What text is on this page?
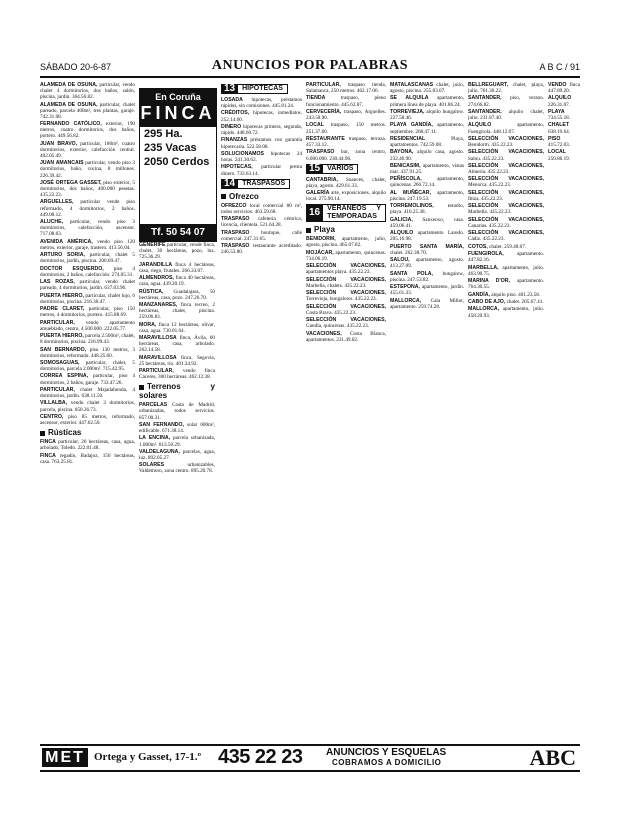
SÁBADO 20-6-87	ANUNCIOS POR PALABRAS	A B C / 91

ALAMEDA DE OSUNA, particular, vendo chalet 4 dormitorios, dos baños, salón, piscina, jardín. 364.56.82.

ALAMEDA DE OSUNA, particular, chalet pareado, parcela 400m², tres plantas, garaje. 742.31.08.

FERNANDO CATÓLICO, exterior, 190 metros, cuatro dormitorios, dos baños, portero. 449.56.82.

JUAN BRAVO, particular, 180m², cuatro dormitorios, exterior, calefacción central. 402.05.49.

JUAN AMANCAIS particular, vendo piso 3 dormitorios, baño, cocina, 8 millones. 226.39.42.

JOSÉ ORTEGA GASSET, piso exterior, 5 dormitorios, dos baños, 400.000 pesetas. 435.22.23.

ARGUELLES, particular vende piso reformado, 4 dormitorios, 2 baños. 449.08.12.

ALUCHE, particular, vendo piso 3 dormitorios, calefacción, ascensor. 717.08.63.

AVENIDA AMÉRICA, vendo piso 120 metros, exterior, garaje, trastero. 413.56.04.

ARTURO SORIA, particular, chalet 5 dormitorios, jardín, piscina. 200.69.47.

DOCTOR ESQUERDO, piso 4 dormitorios, 2 baños, calefacción. 274.05.31.

LAS ROZAS, particular, vendo chalet pareado, 4 dormitorios, jardín. 637.03.96.

PUERTA HIERRO, particular, chalet lujo, 6 dormitorios, piscina. 216.30.47.

PADRE CLARET, particular, piso 150 metros, 4 dormitorios, portero. 415.88.69.

PARTICULAR, vendo apartamento amueblado, centro, 4.500.000. 222.05.77.

PUERTA HIERRO, parcela 2.500m², chalet, 8 dormitorios, piscina. 216.99.43.

SAN BERNARDO, piso 130 metros, 3 dormitorios, reformado. 448.25.60.

SOMOSAGUAS, particular, chalet, 5 dormitorios, parcela 2.000m². 715.42.95.

CORREA ESPINA, particular, piso 4 dormitorios, 2 baños, garaje. 733.47.26.

PARTICULAR, chalet Majadahonda, 4 dormitorios, jardín. 638.11.50.

VILLALBA, vendo chalet 3 dormitorios, parcela, piscina. 850.36.73.

CENTRO, piso 85 metros, reformado, ascensor, exterior. 447.62.50.

Rústicas

FINCA particular, 20 hectáreas, casa, agua, arbolado, Toledo. 222.01.48.

FINCA regadío, Badajoz, 150 hectáreas, casa. 763.25.81.

GENERIFE particular, vende finca, chalet, 30 hectáreas, pozo, luz. 725.36.29.

JARANDILLA finca 4 hectáreas, casa, riego, frutales. 266.33.07.

ALMENDROS, finca 40 hectáreas, casa, agua. 439.20.19.

RÚSTICA, Guadalajara, 50 hectáreas, casa, pozo. 247.26.70.

MANZANARES, finca recreo, 2 hectáreas, chalet, piscina. 259.06.83.

MORA, finca 12 hectáreas, olivar, casa, agua. 730.01.64.

MARAVILLOSA finca, Ávila, 60 hectáreas, casa, arbolado. 262.14.58.

MARAVILLOSA finca, Segovia, 25 hectáreas, río. 401.34.92.

PARTICULAR, vendo finca Cáceres, 300 hectáreas. 462.12.38.

Terrenos y solares

PARCELAS Costa de Madrid, urbanizadas, todos servicios. 857.00.31.

SAN FERNANDO, solar 600m², edificable. 671.38.14.

LA ENCINA, parcela urbanizada, 1.000m². 813.50.29.

VALDELAGUNA, parcelas, agua, luz. 892.05.27.

SOLARES	urbanizables, Valdemoro, zona centro. 895.20.78.

En Coruña
FINCA
295 Ha.
235 Vacas
2050 Cerdos
Tf. 50 54 07
13	HIPOTECAS

LOSADA hipotecas, préstamos rápidos, sin comisiones. 445.81.24.

CRÉDITOS, hipotecas, inmediatos. 252.14.60.

DINERO hipotecas primera, segunda, rápido. 448.60.72.

FINANZAS préstamos con garantía hipotecaria. 522.58.00.

SOLUCIONAMOS hipotecas 24 horas. 241.30.62.

HIPOTECAS, particular presta dinero. 733.63.14.

14	TRASPASOS
Ofrezco

OFREZCO local comercial 80 m², todos servicios. 463.59.68.

TRASPASO cafetería céntrica, licencia, clientela. 521.64.28.

TRASPASO boutique, calle comercial. 247.31.65.

TRASPASO restaurante acreditado. 246.53.80.

PARTICULAR, traspaso tienda, Salamanca, 250 metros. 402.17.06.

TIENDA	traspaso, pleno funcionamiento. 445.62.87.

CERVECERÍA, traspaso, Arguelles. 243.58.90.

LOCAL traspaso, 150 metros. 251.37.60.

RESTAURANTE traspaso, terraza. 457.33.12.

TRASPASO bar, zona centro, 6.000.000. 230.44.96.

15	VARIOS

CANTABRIA, Suances, chalet, playa, agosto. 429.61.33.

GALERÍA arte, exposiciones, alquilo local. 275.90.14.

16	VERANEOS Y TEMPORADAS
Playa

BENIDORM, apartamento, julio, agosto, piscina. 465.07.82.

MOJÁCAR, apartamento, quincenas. 734.06.19.

SELECCIÓN VACACIONES, apartamentos playa. 435.22.23.

SELECCIÓN VACACIONES, Marbella, chalets. 435.22.23.

SELECCIÓN VACACIONES, Torrevieja, bungalows. 435.22.23.

SELECCIÓN VACACIONES, Costa Brava. 435.22.23.

SELECCIÓN VACACIONES, Gandía, quincenas. 435.22.23.

VACACIONES, Costa Blanca, apartamentos. 231.49.02.

MATALASCAÑAS chalet, julio, agosto, piscina. 255.83.07.

SE ALQUILA apartamento, primera línea de playa. 401.86.24.

TORREVIEJA, alquilo bungalow. 227.58.46.

PLAYA GANDÍA, apartamento, septiembre. 268.47.11.

RESIDENCIAL	Playa, apartamentos. 742.59.08.

BAYONA, alquilo casa, agosto. 232.46.90.

BENICASIM, apartamento, vistas mar. 437.91.25.

PEÑÍSCOLA,	apartamento, quincenas. 266.72.14.

AL MUÑÉCAR, apartamento, piscina. 247.19.53.

TORREMOLINOS,	estudio, playa. 410.25.38.

GALICIA, Sanxenxo, casa. 459.06.41.

ALQUILO apartamento Laredo. 205.16.98.

PUERTO SANTA MARÍA, chalet. 262.38.70.

SALOU, apartamento, agosto. 413.27.09.

SANTA POLA, bungalow, piscina. 247.53.82.

ESTEPONA, apartamento, jardín. 455.61.33.

MALLORCA, Cala Millor, apartamento. 259.74.28.

BELLREGUART, chalet, playa, julio. 761.30.22.

SANTANDER, piso, verano. 274.66.82.

SANTANDER, alquilo chalet, julio. 231.87.40.

ALQUILO	apartamento, Fuengirola. 448.12.07.

SELECCIÓN VACACIONES, Benidorm. 435.22.23.

SELECCIÓN VACACIONES, Salou. 435.22.23.

SELECCIÓN VACACIONES, Almería. 435.22.23.

SELECCIÓN VACACIONES, Menorca. 435.22.23.

SELECCIÓN VACACIONES, Ibiza. 435.22.23.

SELECCIÓN VACACIONES, Marbella. 435.22.23.

SELECCIÓN VACACIONES, Canarias. 435.22.23.

SELECCIÓN VACACIONES, Cádiz. 435.22.23.

COTOS, chalet. 259.48.07.

FUENGIROLA,	apartamento. 447.82.16.

MARBELLA, apartamento, julio. 463.90.75.

MARINA D'OR, apartamento. 764.30.55.

GANDÍA, alquilo piso. 401.23.58.

CABO DE AJO, chalet. 205.67.41.

MALLORCA, apartamento, julio. 458.20.93.

VENDO finca 447.89.20.

ALQUILO 226.31.07.

PLAYA 734.55.18.

CHALET 638.19.64.

PISO 415.72.03.

LOCAL 250.86.19.

MET Ortega y Gasset, 17-1.º 435 22 23 ANUNCIOS Y ESQUELAS
COBRAMOS A DOMICILIO	ABC
